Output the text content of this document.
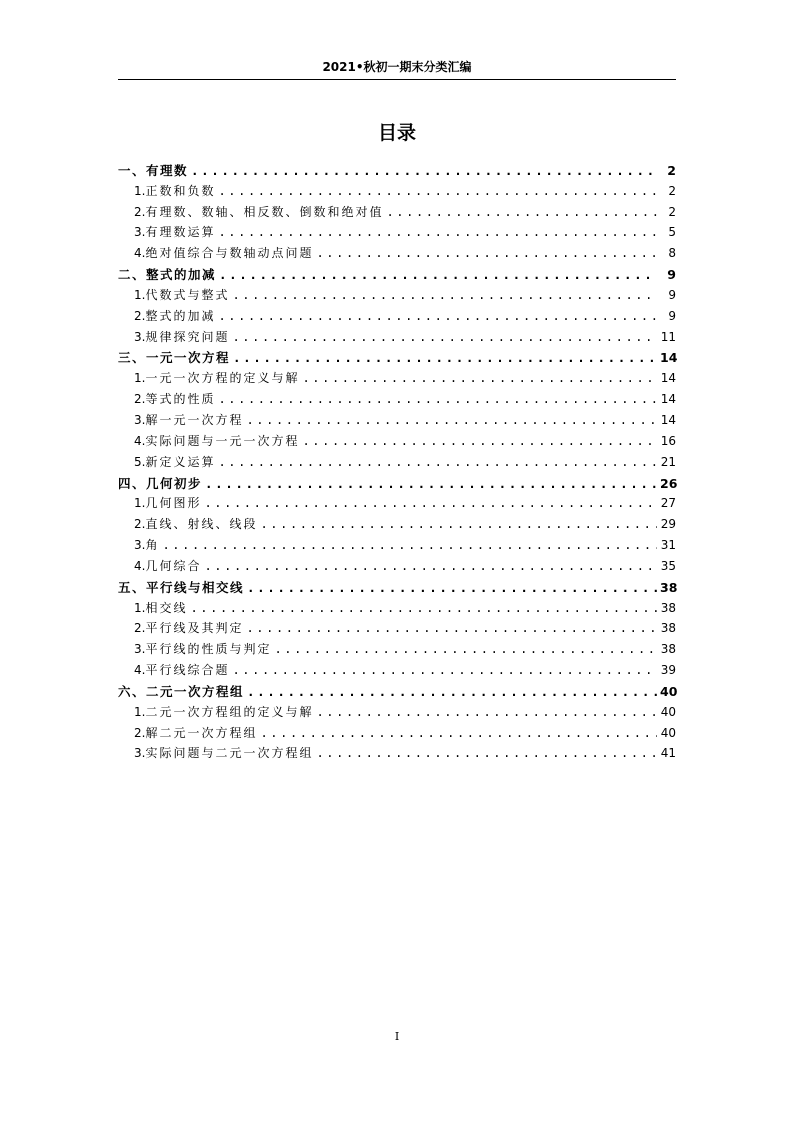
2021•秋初一期末分类汇编
目录
一、有理数 .....	2
1. 正数和负数 .....	2
2. 有理数、数轴、相反数、倒数和绝对值 .....	2
3. 有理数运算 .....	5
4. 绝对值综合与数轴动点问题 .....	8
二、整式的加减 .....	9
1. 代数式与整式 .....	9
2. 整式的加减 .....	9
3. 规律探究问题 .....	11
三、一元一次方程 .....	14
1. 一元一次方程的定义与解 .....	14
2. 等式的性质 .....	14
3. 解一元一次方程 .....	14
4. 实际问题与一元一次方程 .....	16
5. 新定义运算 .....	21
四、几何初步 .....	26
1. 几何图形 .....	27
2. 直线、射线、线段 .....	29
3. 角 .....	31
4. 几何综合 .....	35
五、平行线与相交线 .....	38
1. 相交线 .....	38
2. 平行线及其判定 .....	38
3. 平行线的性质与判定 .....	38
4. 平行线综合题 .....	39
六、二元一次方程组 .....	40
1. 二元一次方程组的定义与解 .....	40
2. 解二元一次方程组 .....	40
3. 实际问题与二元一次方程组 .....	41
I
